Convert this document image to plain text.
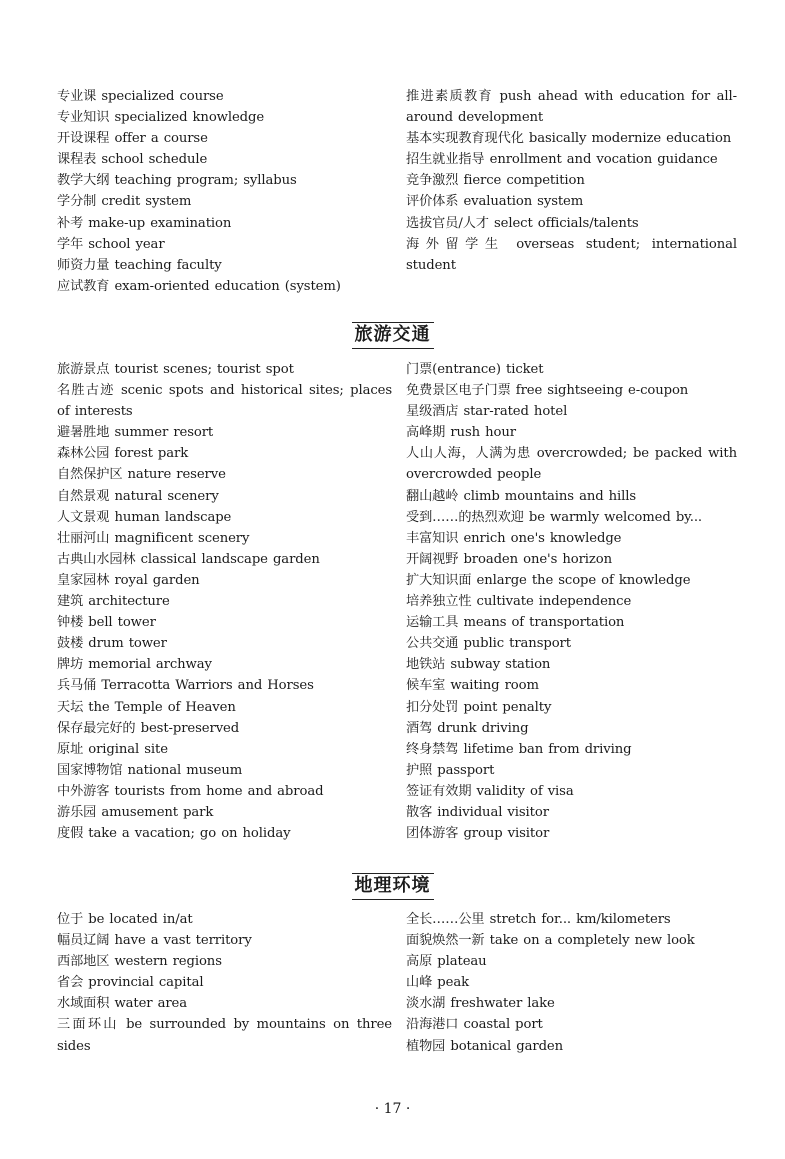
专业课 specialized course
专业知识 specialized knowledge
开设课程 offer a course
课程表 school schedule
教学大纲 teaching program; syllabus
学分制 credit system
补考 make-up examination
学年 school year
师资力量 teaching faculty
应试教育 exam-oriented education (system)
推进素质教育 push ahead with education for all-around development
基本实现教育现代化 basically modernize education
招生就业指导 enrollment and vocation guidance
竞争激烈 fierce competition
评价体系 evaluation system
选拔官员/人才 select officials/talents
海外留学生 overseas student; international student
旅游交通
旅游景点 tourist scenes; tourist spot
名胜古迹 scenic spots and historical sites; places of interests
避暑胜地 summer resort
森林公园 forest park
自然保护区 nature reserve
自然景观 natural scenery
人文景观 human landscape
壮丽河山 magnificent scenery
古典山水园林 classical landscape garden
皇家园林 royal garden
建筑 architecture
钟楼 bell tower
鼓楼 drum tower
牌坊 memorial archway
兵马俑 Terracotta Warriors and Horses
天坛 the Temple of Heaven
保存最完好的 best-preserved
原址 original site
国家博物馆 national museum
中外游客 tourists from home and abroad
游乐园 amusement park
度假 take a vacation; go on holiday
门票(entrance) ticket
免费景区电子门票 free sightseeing e-coupon
星级酒店 star-rated hotel
高峰期 rush hour
人山人海，人满为患 overcrowded; be packed with overcrowded people
翻山越岭 climb mountains and hills
受到……的热烈欢迎 be warmly welcomed by...
丰富知识 enrich one's knowledge
开阔视野 broaden one's horizon
扩大知识面 enlarge the scope of knowledge
培养独立性 cultivate independence
运输工具 means of transportation
公共交通 public transport
地铁站 subway station
候车室 waiting room
扣分处罚 point penalty
酒驾 drunk driving
终身禁驾 lifetime ban from driving
护照 passport
签证有效期 validity of visa
散客 individual visitor
团体游客 group visitor
地理环境
位于 be located in/at
幅员辽阔 have a vast territory
西部地区 western regions
省会 provincial capital
水域面积 water area
三面环山 be surrounded by mountains on three sides
全长……公里 stretch for... km/kilometers
面貌焕然一新 take on a completely new look
高原 plateau
山峰 peak
淡水湖 freshwater lake
沿海港口 coastal port
植物园 botanical garden
· 17 ·
